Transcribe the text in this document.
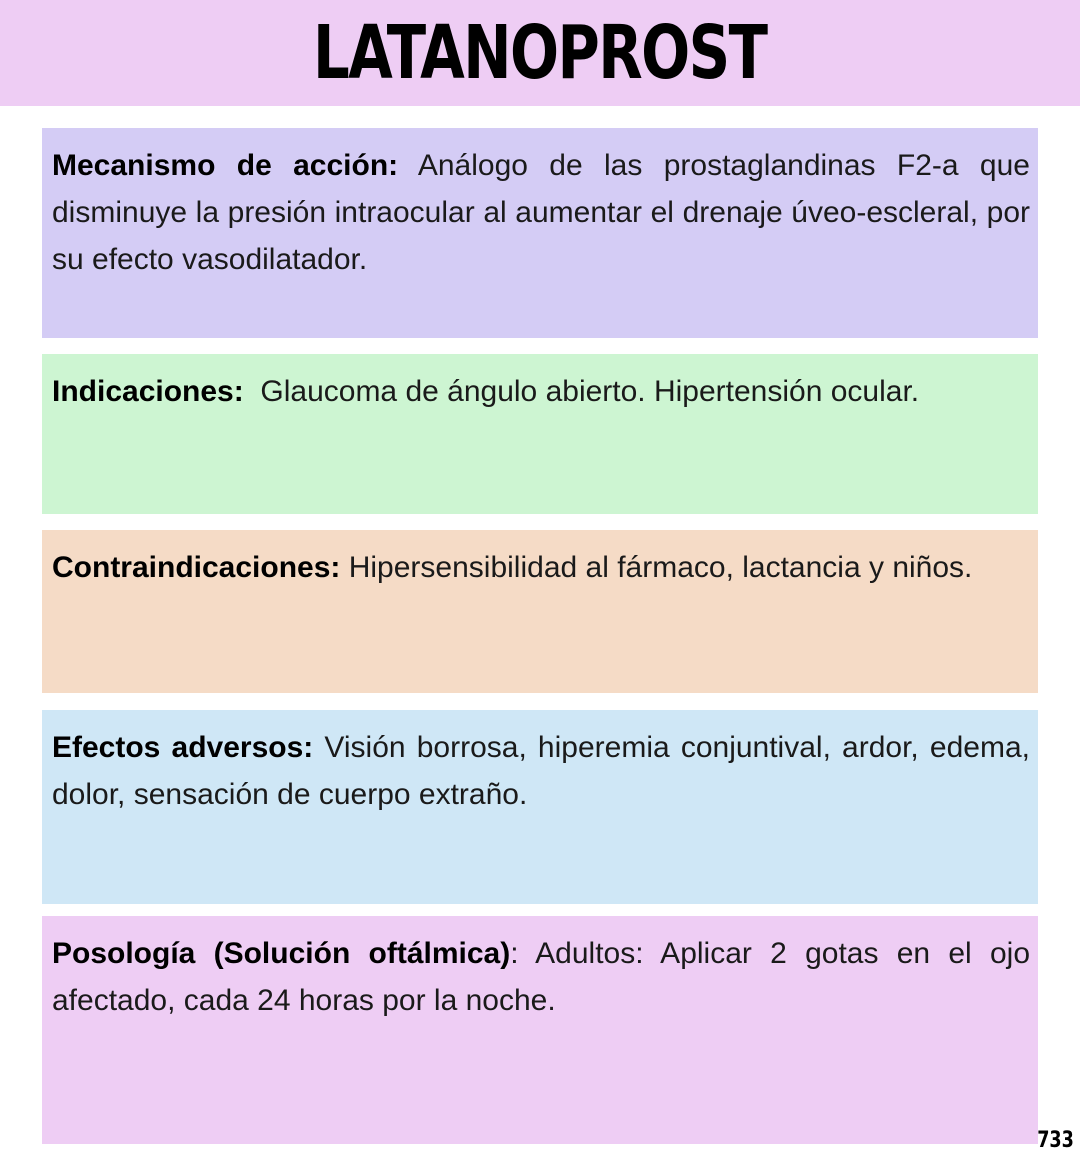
LATANOPROST
Mecanismo de acción: Análogo de las prostaglandinas F2-a que disminuye la presión intraocular al aumentar el drenaje úveo-escleral, por su efecto vasodilatador.
Indicaciones:  Glaucoma de ángulo abierto. Hipertensión ocular.
Contraindicaciones: Hipersensibilidad al fármaco, lactancia y niños.
Efectos adversos: Visión borrosa, hiperemia conjuntival, ardor, edema, dolor, sensación de cuerpo extraño.
Posología (Solución oftálmica): Adultos: Aplicar 2 gotas en el ojo afectado, cada 24 horas por la noche.
733
